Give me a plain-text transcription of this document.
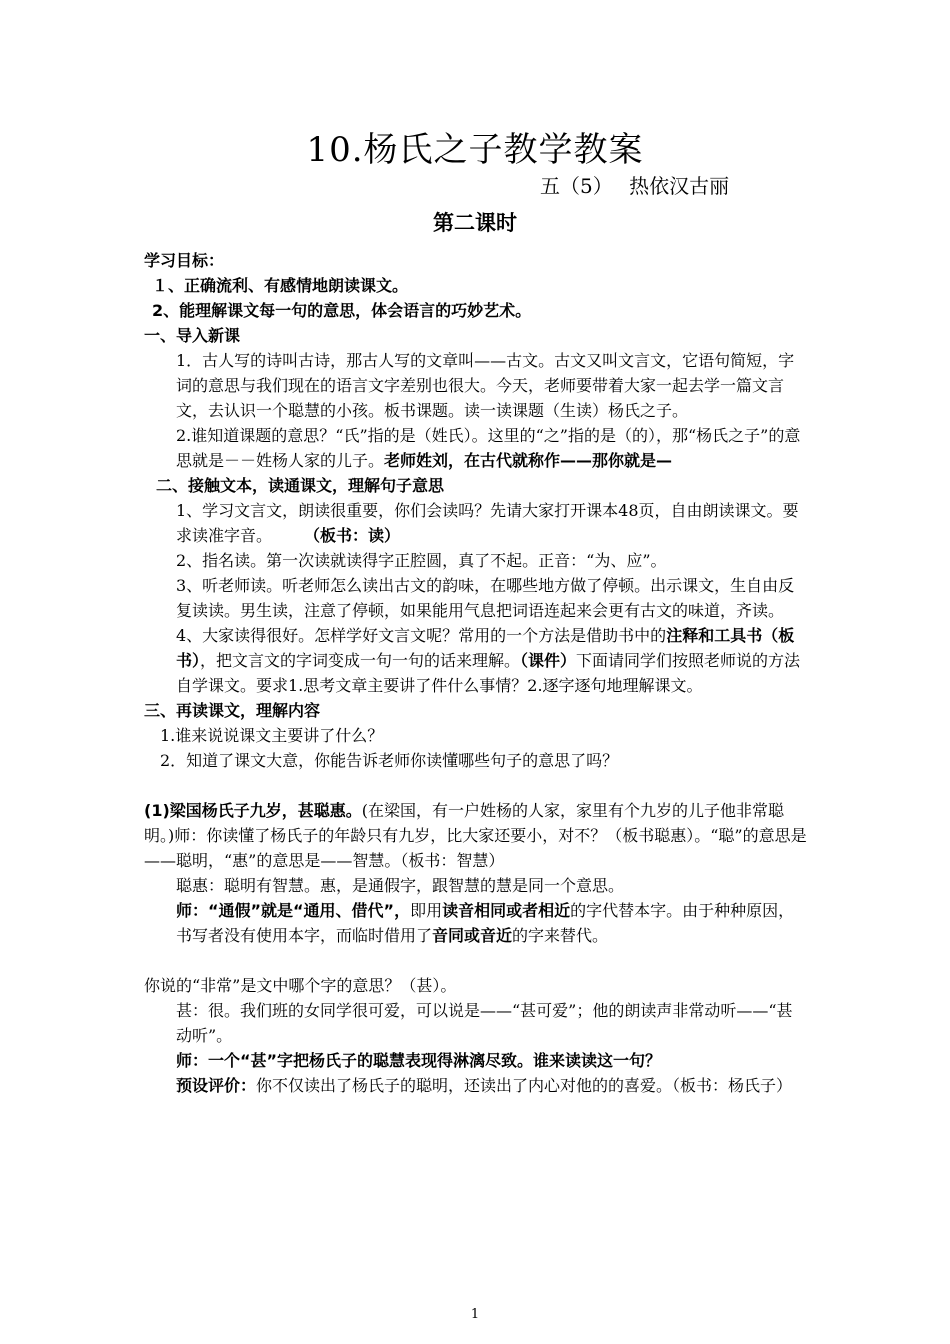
10.杨氏之子教学教案
五（5）　 热依汉古丽
第二课时

学习目标：

１、正确流利、有感情地朗读课文。

2、能理解课文每一句的意思，体会语言的巧妙艺术。

一、导入新课

1．古人写的诗叫古诗，那古人写的文章叫——古文。古文又叫文言文，它语句简短，字词的意思与我们现在的语言文字差别也很大。今天，老师要带着大家一起去学一篇文言文，去认识一个聪慧的小孩。板书课题。读一读课题（生读）杨氏之子。

2.谁知道课题的意思？“氏”指的是（姓氏）。这里的“之”指的是（的），那“杨氏之子”的意思就是－－姓杨人家的儿子。老师姓刘，在古代就称作——那你就是—

二、接触文本，读通课文，理解句子意思

1、学习文言文，朗读很重要，你们会读吗？先请大家打开课本48页，自由朗读课文。要求读准字音。　　　（板书：读）

2、指名读。第一次读就读得字正腔圆，真了不起。正音：“为、应”。

3、听老师读。听老师怎么读出古文的韵味，在哪些地方做了停顿。出示课文，生自由反复读读。男生读，注意了停顿，如果能用气息把词语连起来会更有古文的味道，齐读。

4、大家读得很好。怎样学好文言文呢？常用的一个方法是借助书中的注释和工具书（板书），把文言文的字词变成一句一句的话来理解。（课件）下面请同学们按照老师说的方法自学课文。要求1.思考文章主要讲了件什么事情？2.逐字逐句地理解课文。

三、再读课文，理解内容

1.谁来说说课文主要讲了什么？

2．知道了课文大意，你能告诉老师你读懂哪些句子的意思了吗？

(1)梁国杨氏子九岁，甚聪惠。(在梁国，有一户姓杨的人家，家里有个九岁的儿子他非常聪明。)师：你读懂了杨氏子的年龄只有九岁，比大家还要小，对不？（板书聪惠）。“聪”的意思是——聪明，“惠”的意思是——智慧。（板书：智慧）

聪惠：聪明有智慧。惠，是通假字，跟智慧的慧是同一个意思。

师：“通假”就是“通用、借代”，即用读音相同或者相近的字代替本字。由于种种原因，书写者没有使用本字，而临时借用了音同或音近的字来替代。

你说的“非常”是文中哪个字的意思？（甚）。

甚：很。我们班的女同学很可爱，可以说是——“甚可爱”；他的朗读声非常动听——“甚动听”。

师：一个“甚”字把杨氏子的聪慧表现得淋漓尽致。谁来读读这一句？

预设评价：你不仅读出了杨氏子的聪明，还读出了内心对他的的喜爱。（板书：杨氏子）

1
